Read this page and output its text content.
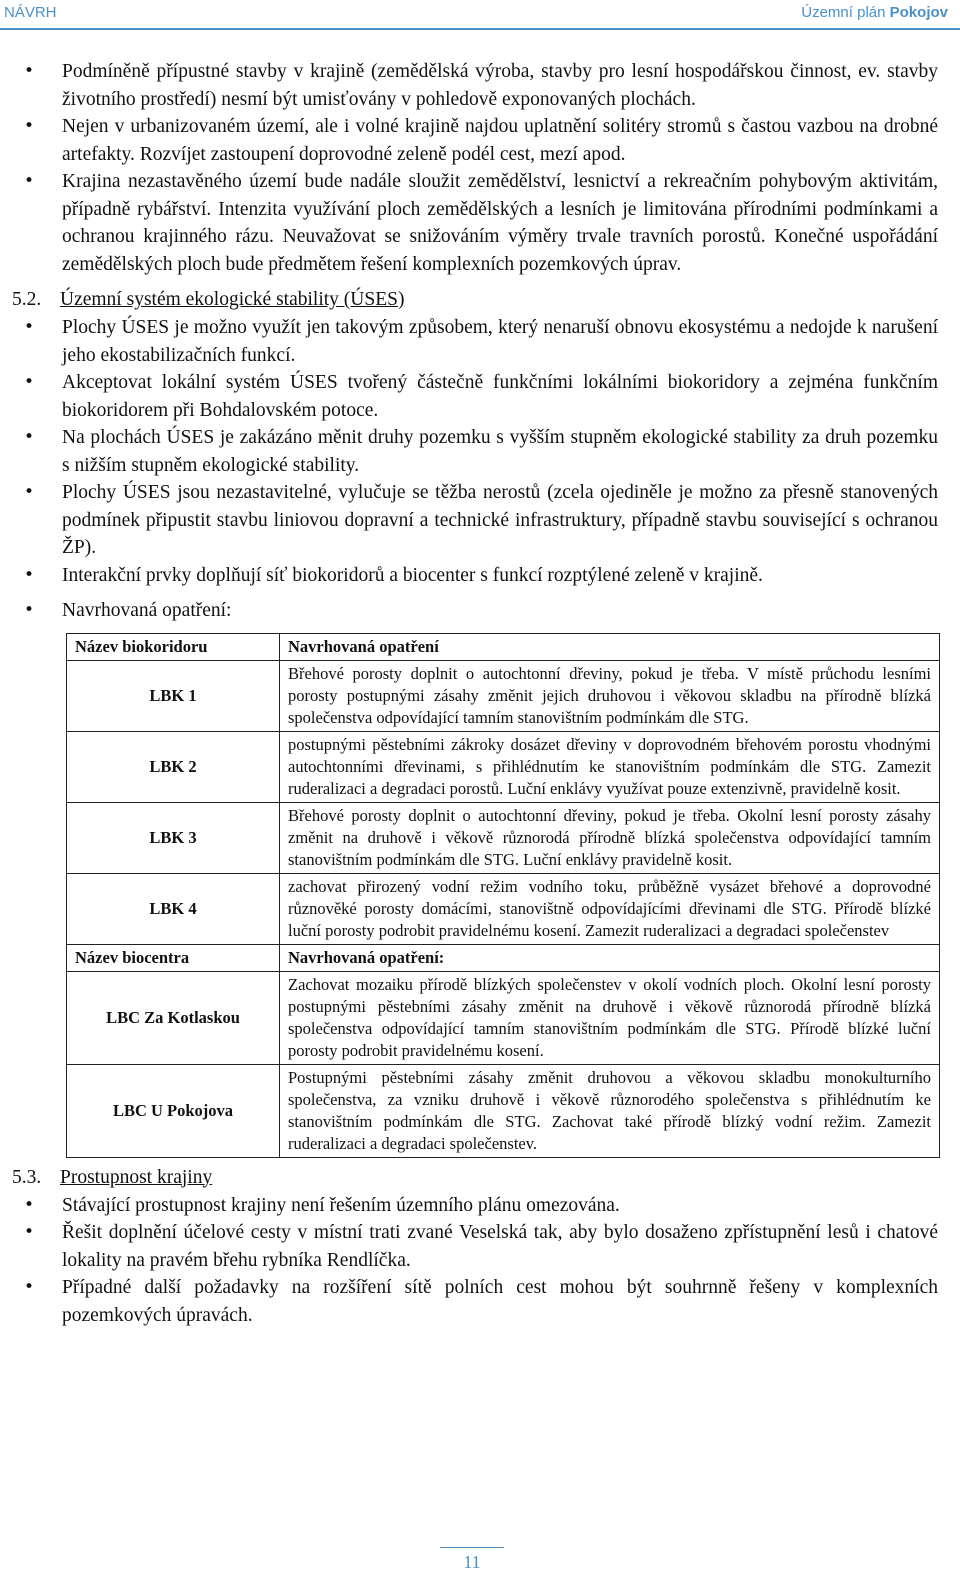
NÁVRH	Územní plán Pokojov
• Podmíněně přípustné stavby v krajině (zemědělská výroba, stavby pro lesní hospodářskou činnost, ev. stavby životního prostředí) nesmí být umisťovány v pohledově exponovaných plochách.
• Nejen v urbanizovaném území, ale i volné krajině najdou uplatnění solitéry stromů s častou vazbou na drobné artefakty. Rozvíjet zastoupení doprovodné zeleně podél cest, mezí apod.
• Krajina nezastavěného území bude nadále sloužit zemědělství, lesnictví a rekreačním pohybovým aktivitám, případně rybářství. Intenzita využívání ploch zemědělských a lesních je limitována přírodními podmínkami a ochranou krajinného rázu. Neuvažovat se snižováním výměry trvale travních porostů. Konečné uspořádání zemědělských ploch bude předmětem řešení komplexních pozemkových úprav.
5.2. Územní systém ekologické stability (ÚSES)
• Plochy ÚSES je možno využít jen takovým způsobem, který nenaruší obnovu ekosystému a nedojde k narušení jeho ekostabilizačních funkcí.
• Akceptovat lokální systém ÚSES tvořený částečně funkčními lokálními biokoridory a zejména funkčním biokoridorem při Bohdalovském potoce.
• Na plochách ÚSES je zakázáno měnit druhy pozemku s vyšším stupněm ekologické stability za druh pozemku s nižším stupněm ekologické stability.
• Plochy ÚSES jsou nezastavitelné, vylučuje se těžba nerostů (zcela ojediněle je možno za přesně stanovených podmínek připustit stavbu liniovou dopravní a technické infrastruktury, případně stavbu související s ochranou ŽP).
• Interakční prvky doplňují síť biokoridorů a biocenter s funkcí rozptýlené zeleně v krajině.
• Navrhovaná opatření:
Název biokoridoru	Navrhovaná opatření
LBK 1	Břehové porosty doplnit o autochtonní dřeviny, pokud je třeba. V místě průchodu lesními porosty postupnými zásahy změnit jejich druhovou i věkovou skladbu na přírodně blízká společenstva odpovídající tamním stanovištním podmínkám dle STG.
LBK 2	postupnými pěstebními zákroky dosázet dřeviny v doprovodném břehovém porostu vhodnými autochtonními dřevinami, s přihlédnutím ke stanovištním podmínkám dle STG. Zamezit ruderalizaci a degradaci porostů. Luční enklávy využívat pouze extenzivně, pravidelně kosit.
LBK 3	Břehové porosty doplnit o autochtonní dřeviny, pokud je třeba. Okolní lesní porosty zásahy změnit na druhově i věkově různorodá přírodně blízká společenstva odpovídající tamním stanovištním podmínkám dle STG. Luční enklávy pravidelně kosit.
LBK 4	zachovat přirozený vodní režim vodního toku, průběžně vysázet břehové a doprovodné různověké porosty domácími, stanovištně odpovídajícími dřevinami dle STG. Přírodě blízké luční porosty podrobit pravidelnému kosení. Zamezit ruderalizaci a degradaci společenstev
Název biocentra	Navrhovaná opatření:
LBC Za Kotlaskou	Zachovat mozaiku přírodě blízkých společenstev v okolí vodních ploch. Okolní lesní porosty postupnými pěstebními zásahy změnit na druhově i věkově různorodá přírodně blízká společenstva odpovídající tamním stanovištním podmínkám dle STG. Přírodě blízké luční porosty podrobit pravidelnému kosení.
LBC U Pokojova	Postupnými pěstebními zásahy změnit druhovou a věkovou skladbu monokulturního společenstva, za vzniku druhově i věkově různorodého společenstva s přihlédnutím ke stanovištním podmínkám dle STG. Zachovat také přírodě blízký vodní režim. Zamezit ruderalizaci a degradaci společenstev.
5.3. Prostupnost krajiny
• Stávající prostupnost krajiny není řešením územního plánu omezována.
• Řešit doplnění účelové cesty v místní trati zvané Veselská tak, aby bylo dosaženo zpřístupnění lesů i chatové lokality na pravém břehu rybníka Rendlíčka.
• Případné další požadavky na rozšíření sítě polních cest mohou být souhrnně řešeny v komplexních pozemkových úpravách.
11
